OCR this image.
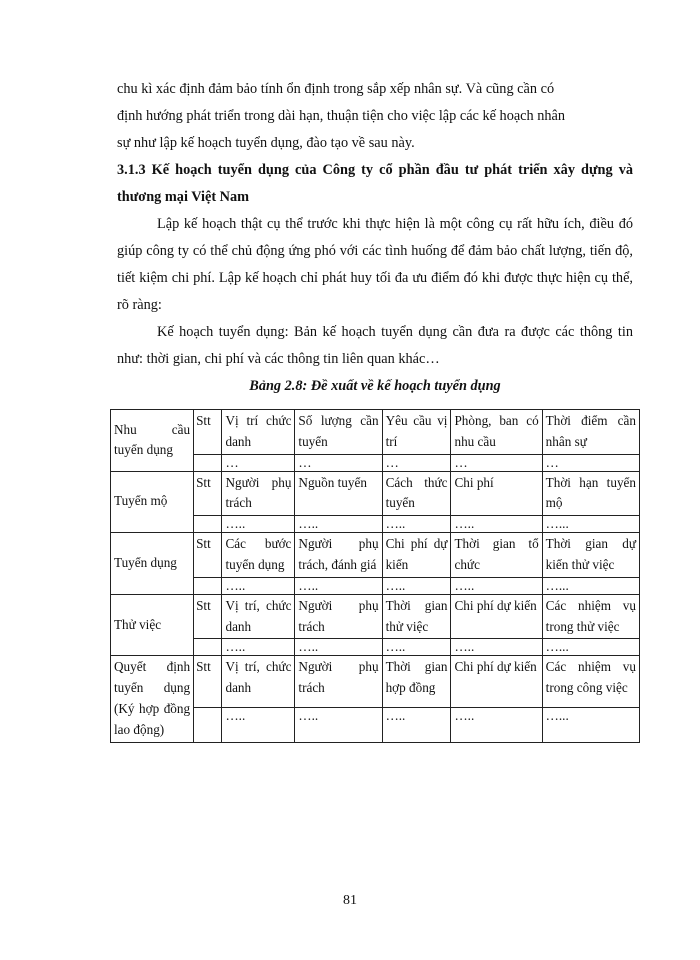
chu kì xác định đảm bảo tính ổn định trong sắp xếp nhân sự. Và cũng cần có

định hướng phát triển trong dài hạn, thuận tiện cho việc lập các kế hoạch nhân

sự như lập kế hoạch tuyển dụng, đào tạo về sau này.

3.1.3 Kế hoạch tuyển dụng của Công ty cổ phần đầu tư phát triển xây dựng và thương mại Việt Nam

Lập kế hoạch thật cụ thể trước khi thực hiện là một công cụ rất hữu ích, điều đó giúp công ty có thể chủ động ứng phó với các tình huống để đảm bảo chất lượng, tiến độ, tiết kiệm chi phí. Lập kế hoạch chỉ phát huy tối đa ưu điểm đó khi được thực hiện cụ thể, rõ ràng:

Kế hoạch tuyển dụng: Bản kế hoạch tuyển dụng cần đưa ra được các thông tin như: thời gian, chi phí và các thông tin liên quan khác…

Bảng 2.8: Đề xuất về kế hoạch tuyển dụng
Nhu cầu tuyển dụng	Stt	Vị trí chức danh	Số lượng cần tuyển	Yêu cầu vị trí	Phòng, ban có nhu cầu	Thời điểm cần nhân sự
		…	…	…	…	…
Tuyển mộ	Stt	Người phụ trách	Nguồn tuyển	Cách thức tuyển	Chi phí	Thời hạn tuyển mộ
		…..	…..	…..	…..	…...
Tuyển dụng	Stt	Các bước tuyển dụng	Người phụ trách, đánh giá	Chi phí dự kiến	Thời gian tổ chức	Thời gian dự kiến thử việc
		…..	…..	…..	…..	…...
Thử việc	Stt	Vị trí, chức danh	Người phụ trách	Thời gian thử việc	Chi phí dự kiến	Các nhiệm vụ trong thử việc
		…..	…..	…..	…..	…...
Quyết định tuyển dụng (Ký hợp đồng lao động)	Stt	Vị trí, chức danh	Người phụ trách	Thời gian hợp đồng	Chi phí dự kiến	Các nhiệm vụ trong công việc
		…..	…..	…..	…..	…...
81
